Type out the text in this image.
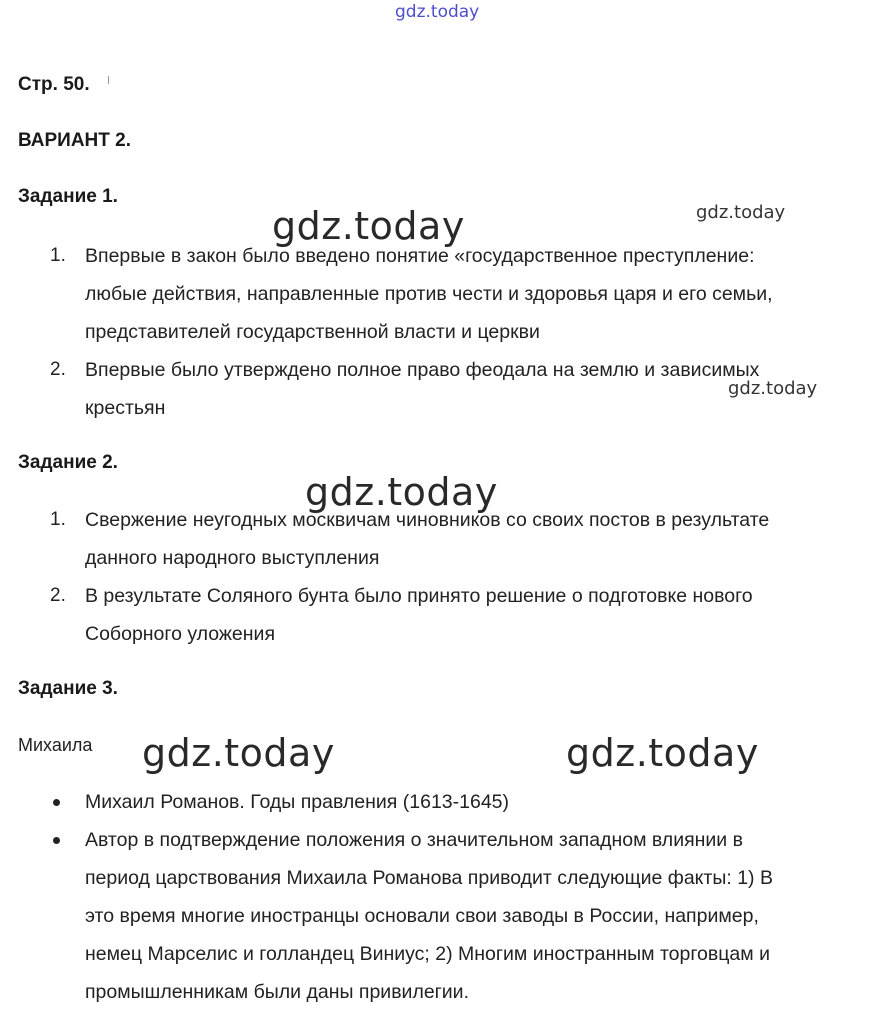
gdz.today
Стр. 50.
ВАРИАНТ 2.
Задание 1.
1. Впервые в закон было введено понятие «государственное преступление:
любые действия, направленные против чести и здоровья царя и его семьи,
представителей государственной власти и церкви
2. Впервые было утверждено полное право феодала на землю и зависимых
крестьян
Задание 2.
1. Свержение неугодных москвичам чиновников со своих постов в результате
данного народного выступления
2. В результате Соляного бунта было принято решение о подготовке нового
Соборного уложения
Задание 3.
Михаила
Михаил Романов. Годы правления (1613-1645)
Автор в подтверждение положения о значительном западном влиянии в
период царствования Михаила Романова приводит следующие факты: 1) В
это время многие иностранцы основали свои заводы в России, например,
немец Марселис и голландец Виниус; 2) Многим иностранным торговцам и
промышленникам были даны привилегии.
gdz.today	gdz.today
gdz.today
gdz.today
gdz.today	gdz.today
